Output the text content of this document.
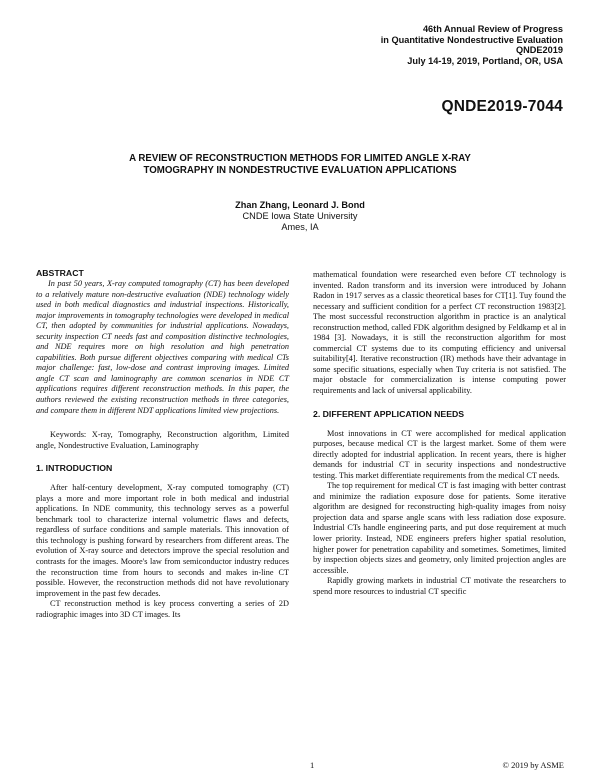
46th Annual Review of Progress
in Quantitative Nondestructive Evaluation
QNDE2019
July 14-19, 2019, Portland, OR, USA
QNDE2019-7044
A REVIEW OF RECONSTRUCTION METHODS FOR LIMITED ANGLE X-RAY
TOMOGRAPHY IN NONDESTRUCTIVE EVALUATION APPLICATIONS
Zhan Zhang, Leonard J. Bond
CNDE Iowa State University
Ames, IA
ABSTRACT

In past 50 years, X-ray computed tomography (CT) has been developed to a relatively mature non-destructive evaluation (NDE) technology widely used in both medical diagnostics and industrial inspections. Historically, major improvements in tomography technologies were developed in medical CT, then adopted by communities for industrial applications. Nowadays, security inspection CT needs fast and composition distinctive technologies, and NDE requires more on high resolution and high penetration capabilities. Both pursue different objectives comparing with medical CTs major challenge: fast, low-dose and contrast improving images. Limited angle CT scan and laminography are common scenarios in NDE CT applications requires different reconstruction methods. In this paper, the authors reviewed the existing reconstruction methods in three categories, and compare them in different NDT applications limited view projections.

Keywords: X-ray, Tomography, Reconstruction algorithm, Limited angle, Nondestructive Evaluation, Laminography

1. INTRODUCTION

After half-century development, X-ray computed tomography (CT) plays a more and more important role in both medical and industrial applications. In NDE community, this technology serves as a powerful benchmark tool to characterize internal volumetric flaws and defects, regardless of surface conditions and sample materials. This innovation of this technology is pushing forward by researchers from different areas. The evolution of X-ray source and detectors improve the special resolution and contrasts for the images. Moore's law from semiconductor industry reduces the reconstruction time from hours to seconds and makes in-line CT possible. However, the reconstruction methods did not have revolutionary improvement in the past few decades.

CT reconstruction method is key process converting a series of 2D radiographic images into 3D CT images. Its

mathematical foundation were researched even before CT technology is invented. Radon transform and its inversion were introduced by Johann Radon in 1917 serves as a classic theoretical bases for CT[1]. Tuy found the necessary and sufficient condition for a perfect CT reconstruction 1983[2]. The most successful reconstruction algorithm in practice is an analytical reconstruction method, called FDK algorithm designed by Feldkamp et al in 1984 [3]. Nowadays, it is still the reconstruction algorithm for most commercial CT systems due to its computing efficiency and universal suitability[4]. Iterative reconstruction (IR) methods have their advantage in some specific situations, especially when Tuy criteria is not satisfied. The major obstacle for commercialization is intense computing power requirements and lack of universal applicability.

2. DIFFERENT APPLICATION NEEDS

Most innovations in CT were accomplished for medical application purposes, because medical CT is the largest market. Some of them were directly adopted for industrial application. In recent years, there is higher demands for industrial CT in security inspections and nondestructive testing. This market differentiate requirements from the medical CT needs.

The top requirement for medical CT is fast imaging with better contrast and minimize the radiation exposure dose for patients. Some iterative algorithm are designed for reconstructing high-quality images from noisy projection data and sparse angle scans with less radiation dose exposure. Industrial CTs handle engineering parts, and put dose requirement at much lower priority. Instead, NDE engineers prefers higher spatial resolution, higher power for penetration capability and sometimes. Sometimes, limited by inspection objects sizes and geometry, only limited projection angles are accessible.

Rapidly growing markets in industrial CT motivate the researchers to spend more resources to industrial CT specific

1	© 2019 by ASME
